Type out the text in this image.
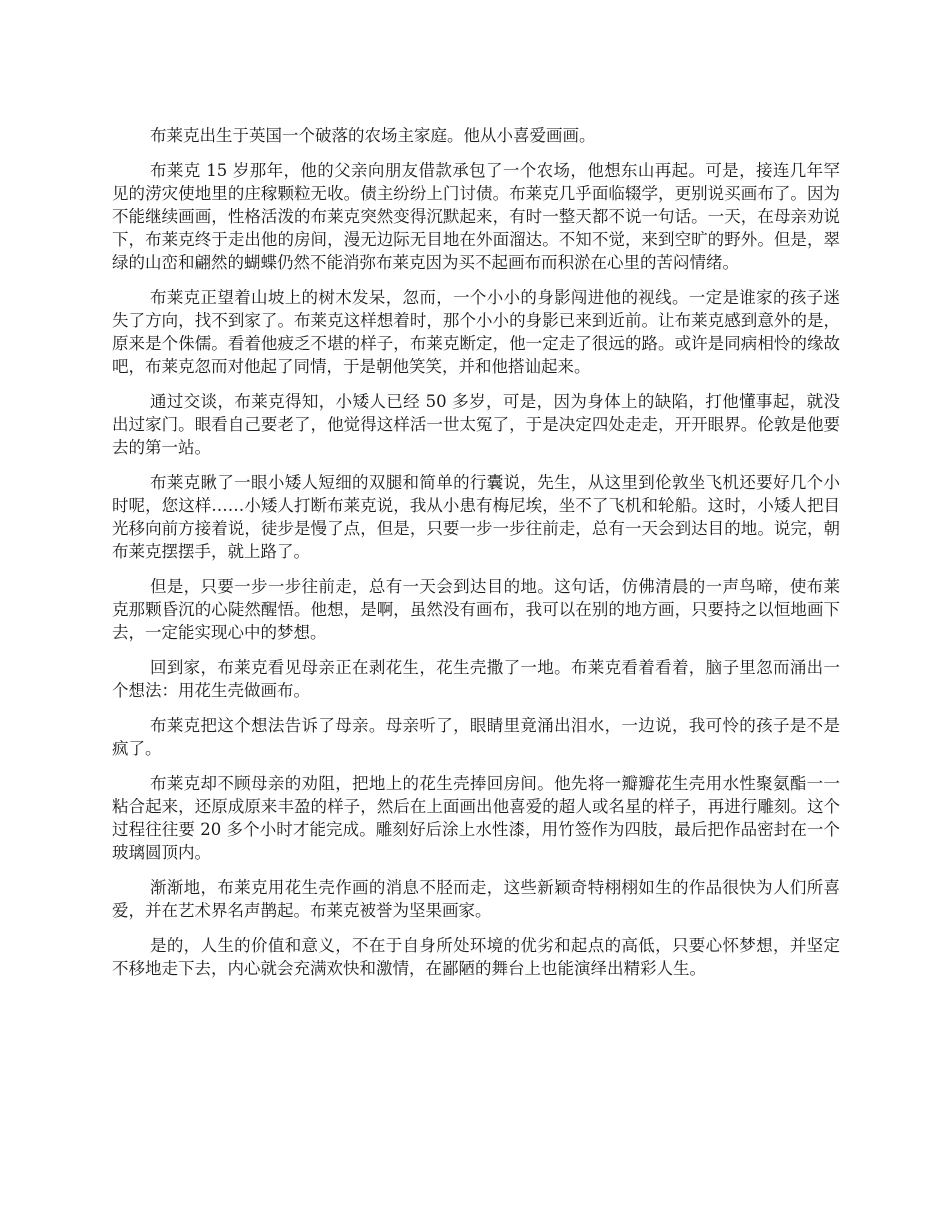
布莱克出生于英国一个破落的农场主家庭。他从小喜爱画画。

布莱克 15 岁那年，他的父亲向朋友借款承包了一个农场，他想东山再起。可是，接连几年罕见的涝灾使地里的庄稼颗粒无收。债主纷纷上门讨债。布莱克几乎面临辍学，更别说买画布了。因为不能继续画画，性格活泼的布莱克突然变得沉默起来，有时一整天都不说一句话。一天，在母亲劝说下，布莱克终于走出他的房间，漫无边际无目地在外面溜达。不知不觉，来到空旷的野外。但是，翠绿的山峦和翩然的蝴蝶仍然不能消弥布莱克因为买不起画布而积淤在心里的苦闷情绪。

布莱克正望着山坡上的树木发呆，忽而，一个小小的身影闯进他的视线。一定是谁家的孩子迷失了方向，找不到家了。布莱克这样想着时，那个小小的身影已来到近前。让布莱克感到意外的是，原来是个侏儒。看着他疲乏不堪的样子，布莱克断定，他一定走了很远的路。或许是同病相怜的缘故吧，布莱克忽而对他起了同情，于是朝他笑笑，并和他搭讪起来。

通过交谈，布莱克得知，小矮人已经 50 多岁，可是，因为身体上的缺陷，打他懂事起，就没出过家门。眼看自己要老了，他觉得这样活一世太冤了，于是决定四处走走，开开眼界。伦敦是他要去的第一站。

布莱克瞅了一眼小矮人短细的双腿和简单的行囊说，先生，从这里到伦敦坐飞机还要好几个小时呢，您这样……小矮人打断布莱克说，我从小患有梅尼埃，坐不了飞机和轮船。这时，小矮人把目光移向前方接着说，徒步是慢了点，但是，只要一步一步往前走，总有一天会到达目的地。说完，朝布莱克摆摆手，就上路了。

但是，只要一步一步往前走，总有一天会到达目的地。这句话，仿佛清晨的一声鸟啼，使布莱克那颗昏沉的心陡然醒悟。他想，是啊，虽然没有画布，我可以在别的地方画，只要持之以恒地画下去，一定能实现心中的梦想。

回到家，布莱克看见母亲正在剥花生，花生壳撒了一地。布莱克看着看着，脑子里忽而涌出一个想法：用花生壳做画布。

布莱克把这个想法告诉了母亲。母亲听了，眼睛里竟涌出泪水，一边说，我可怜的孩子是不是疯了。

布莱克却不顾母亲的劝阻，把地上的花生壳捧回房间。他先将一瓣瓣花生壳用水性聚氨酯一一粘合起来，还原成原来丰盈的样子，然后在上面画出他喜爱的超人或名星的样子，再进行雕刻。这个过程往往要 20 多个小时才能完成。雕刻好后涂上水性漆，用竹签作为四肢，最后把作品密封在一个玻璃圆顶内。

渐渐地，布莱克用花生壳作画的消息不胫而走，这些新颖奇特栩栩如生的作品很快为人们所喜爱，并在艺术界名声鹊起。布莱克被誉为坚果画家。

是的，人生的价值和意义，不在于自身所处环境的优劣和起点的高低，只要心怀梦想，并坚定不移地走下去，内心就会充满欢快和激情，在鄙陋的舞台上也能演绎出精彩人生。
